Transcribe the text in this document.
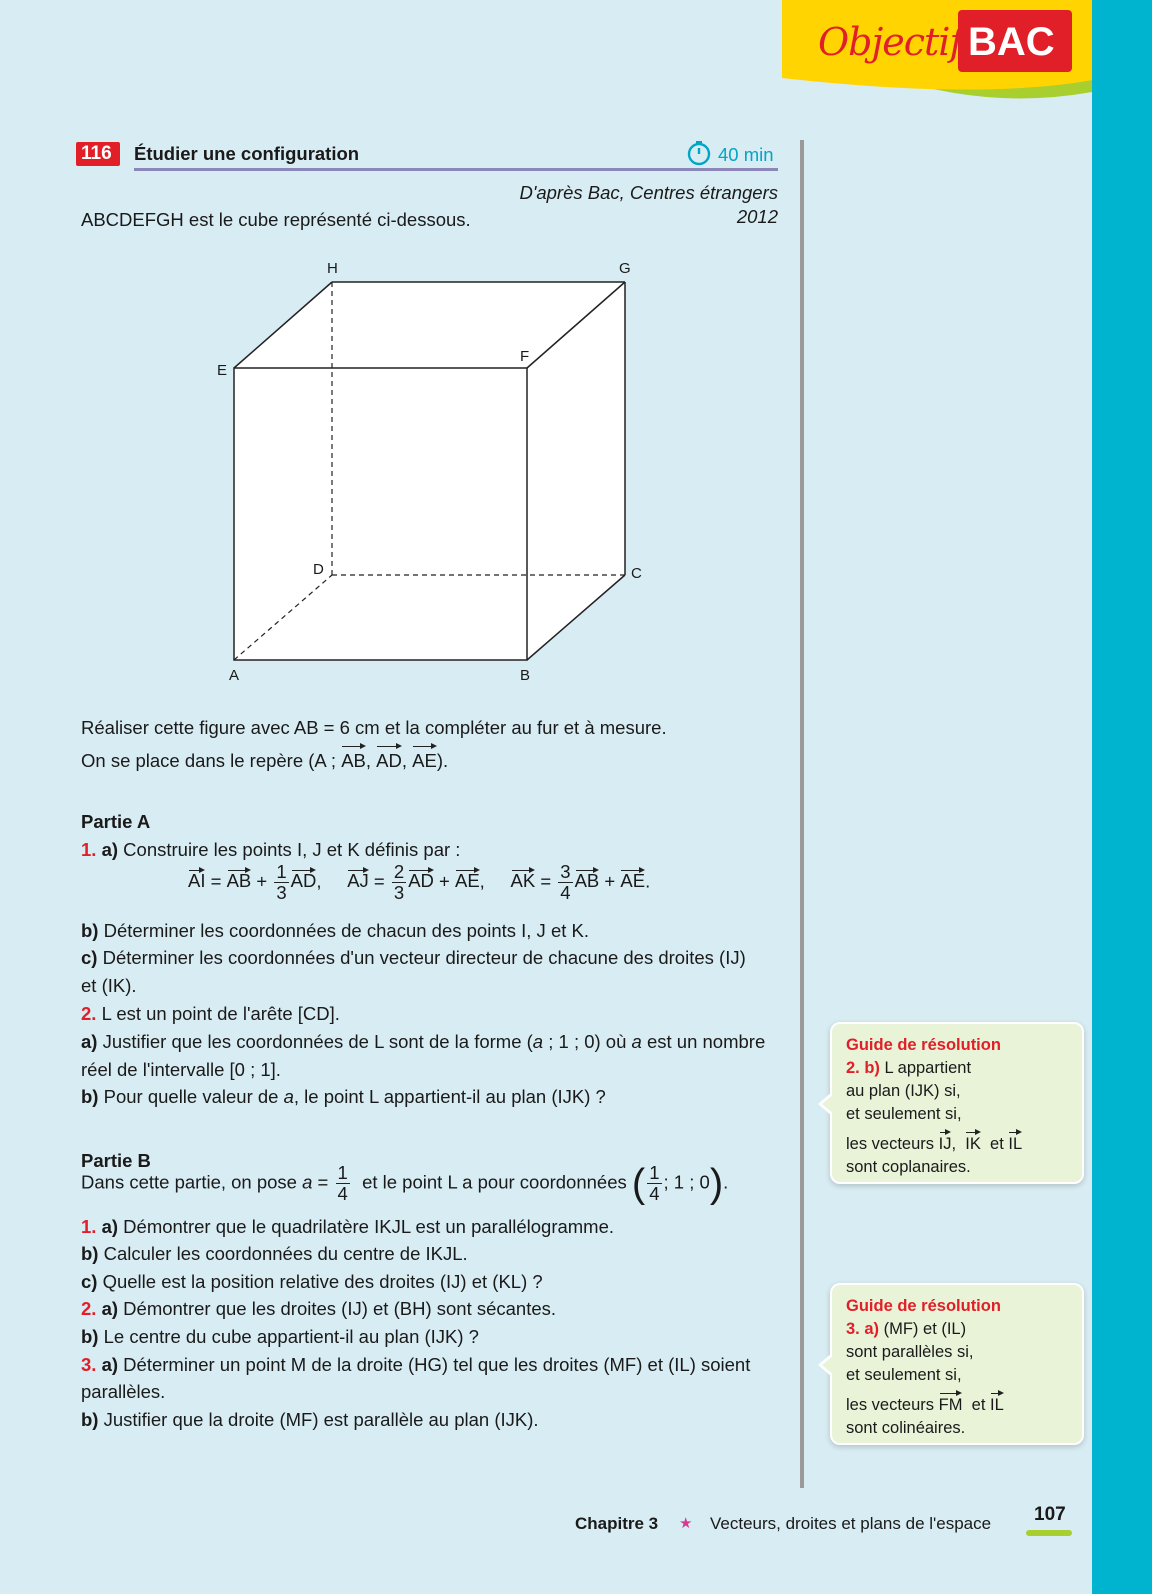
Objectif BAC
116 Étudier une configuration	40 min
D'après Bac, Centres étrangers 2012
ABCDEFGH est le cube représenté ci-dessous.
H	G
E
F
D	C
A	B
Réaliser cette figure avec AB = 6 cm et la compléter au fur et à mesure.
On se place dans le repère (A ; AB, AD, AE).
Partie A
1. a) Construire les points I, J et K définis par :
AI = AB + $\frac{1}{3}$ AD,     AJ = $\frac{2}{3}$ AD + AE,     AK = $\frac{3}{4}$ AB + AE.
b) Déterminer les coordonnées de chacun des points I, J et K.
c) Déterminer les coordonnées d'un vecteur directeur de chacune des droites (IJ)
et (IK).
2. L est un point de l'arête [CD].
a) Justifier que les coordonnées de L sont de la forme (a ; 1 ; 0) où a est un nombre
réel de l'intervalle [0 ; 1].
b) Pour quelle valeur de a, le point L appartient-il au plan (IJK) ?
Partie B
Dans cette partie, on pose $a = \frac{1}{4}$ et le point L a pour coordonnées ( $\frac{1}{4}$ ; 1 ; 0).
1. a) Démontrer que le quadrilatère IKJL est un parallélogramme.
b) Calculer les coordonnées du centre de IKJL.
c) Quelle est la position relative des droites (IJ) et (KL) ?
2. a) Démontrer que les droites (IJ) et (BH) sont sécantes.
b) Le centre du cube appartient-il au plan (IJK) ?
3. a) Déterminer un point M de la droite (HG) tel que les droites (MF) et (IL) soient
parallèles.
b) Justifier que la droite (MF) est parallèle au plan (IJK).
Guide de résolution
2. b) L appartient
au plan (IJK) si,
et seulement si,
les vecteurs IJ,  IK et IL
sont coplanaires.
Guide de résolution
3. a) (MF) et (IL)
sont parallèles si,
et seulement si,
les vecteurs FM et IL
sont colinéaires.
Chapitre 3 ★ Vecteurs, droites et plans de l'espace 107
